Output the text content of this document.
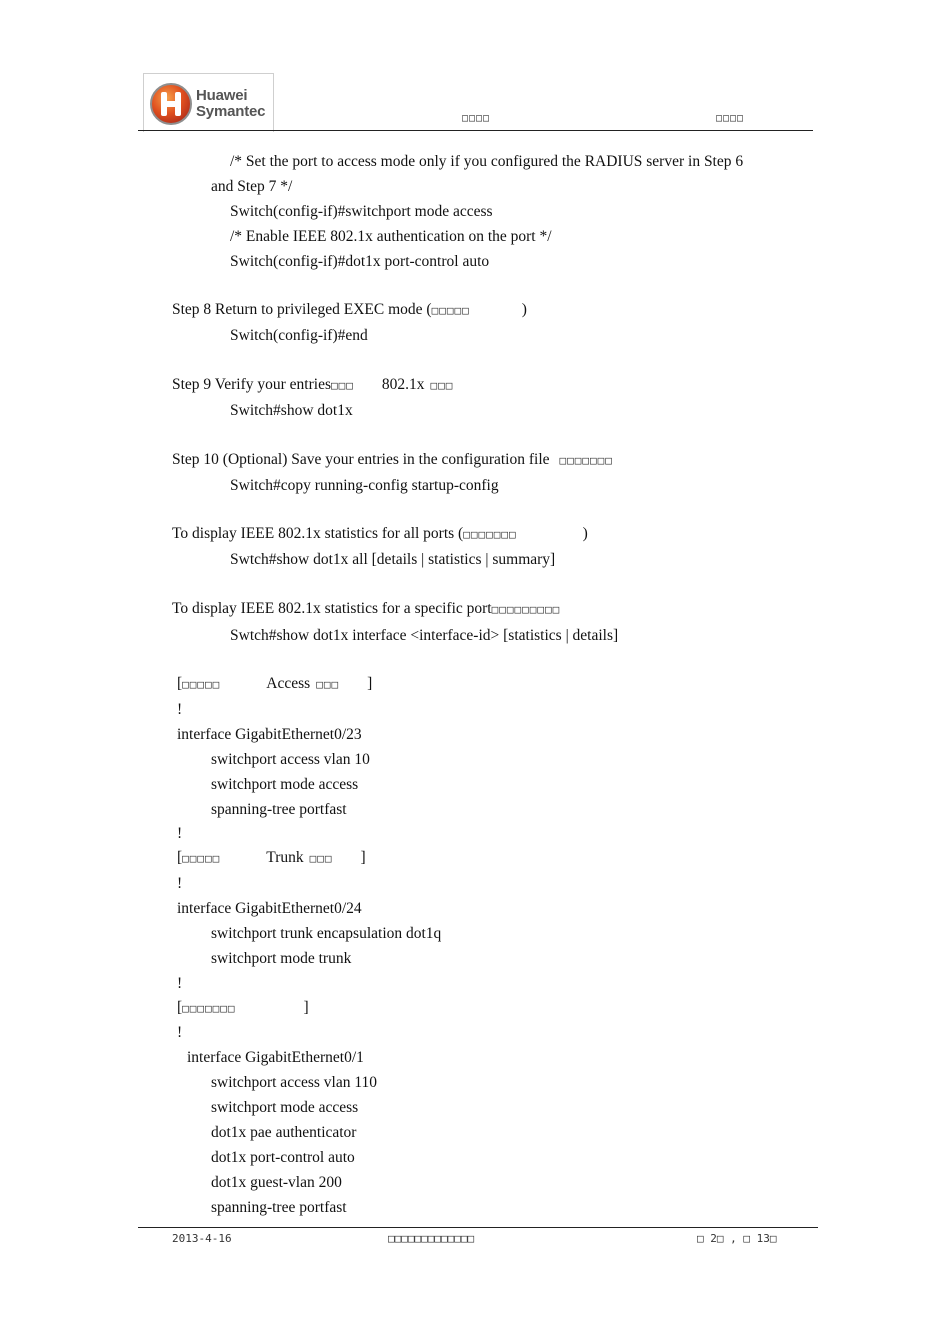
Huawei
Symantec	□□□□	□□□□
/* Set the port to access mode only if you configured the RADIUS server in Step 6
and Step 7 */
Switch(config-if)#switchport mode access
/* Enable IEEE 802.1x authentication on the port */
Switch(config-if)#dot1x port-control auto
Step 8 Return to privileged EXEC mode (□□□□□	)
Switch(config-if)#end
Step 9 Verify your entries□□□ 802.1x □□□
Switch#show dot1x
Step 10 (Optional) Save your entries in the configuration file □□□□□□□
Switch#copy running-config startup-config
To display IEEE 802.1x statistics for all ports (□□□□□□□	)
Swtch#show dot1x all [details | statistics | summary]
To display IEEE 802.1x statistics for a specific port□□□□□□□□□
Swtch#show dot1x interface <interface-id> [statistics | details]
[□□□□□	Access □□□ ]
!
interface GigabitEthernet0/23
switchport access vlan 10
switchport mode access
spanning-tree portfast
!
[□□□□□	Trunk □□□ ]
!
interface GigabitEthernet0/24
switchport trunk encapsulation dot1q
switchport mode trunk
!
[□□□□□□□	]
!
interface GigabitEthernet0/1
switchport access vlan 110
switchport mode access
dot1x pae authenticator
dot1x port-control auto
dot1x guest-vlan 200
spanning-tree portfast
2013-4-16	□□□□□□□□□□□□□	□ 2□ , □ 13□
